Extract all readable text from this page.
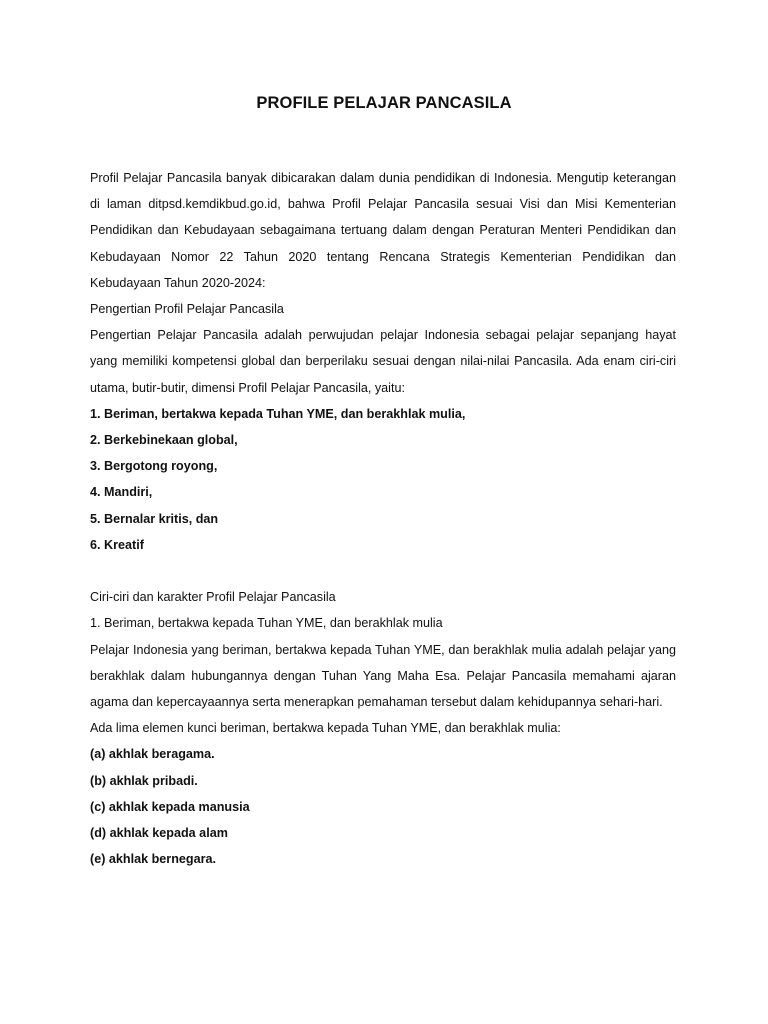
PROFILE PELAJAR PANCASILA

Profil Pelajar Pancasila banyak dibicarakan dalam dunia pendidikan di Indonesia. Mengutip keterangan di laman ditpsd.kemdikbud.go.id, bahwa Profil Pelajar Pancasila sesuai Visi dan Misi Kementerian Pendidikan dan Kebudayaan sebagaimana tertuang dalam dengan Peraturan Menteri Pendidikan dan Kebudayaan Nomor 22 Tahun 2020 tentang Rencana Strategis Kementerian Pendidikan dan Kebudayaan Tahun 2020-2024:

Pengertian Profil Pelajar Pancasila

Pengertian Pelajar Pancasila adalah perwujudan pelajar Indonesia sebagai pelajar sepanjang hayat yang memiliki kompetensi global dan berperilaku sesuai dengan nilai-nilai Pancasila. Ada enam ciri-ciri utama, butir-butir, dimensi Profil Pelajar Pancasila, yaitu:

1. Beriman, bertakwa kepada Tuhan YME, dan berakhlak mulia,

2. Berkebinekaan global,

3. Bergotong royong,

4. Mandiri,

5. Bernalar kritis, dan

6. Kreatif

Ciri-ciri dan karakter Profil Pelajar Pancasila

1. Beriman, bertakwa kepada Tuhan YME, dan berakhlak mulia

Pelajar Indonesia yang beriman, bertakwa kepada Tuhan YME, dan berakhlak mulia adalah pelajar yang berakhlak dalam hubungannya dengan Tuhan Yang Maha Esa. Pelajar Pancasila memahami ajaran agama dan kepercayaannya serta menerapkan pemahaman tersebut dalam kehidupannya sehari-hari.

Ada lima elemen kunci beriman, bertakwa kepada Tuhan YME, dan berakhlak mulia:

(a) akhlak beragama.

(b) akhlak pribadi.

(c) akhlak kepada manusia

(d) akhlak kepada alam

(e) akhlak bernegara.
